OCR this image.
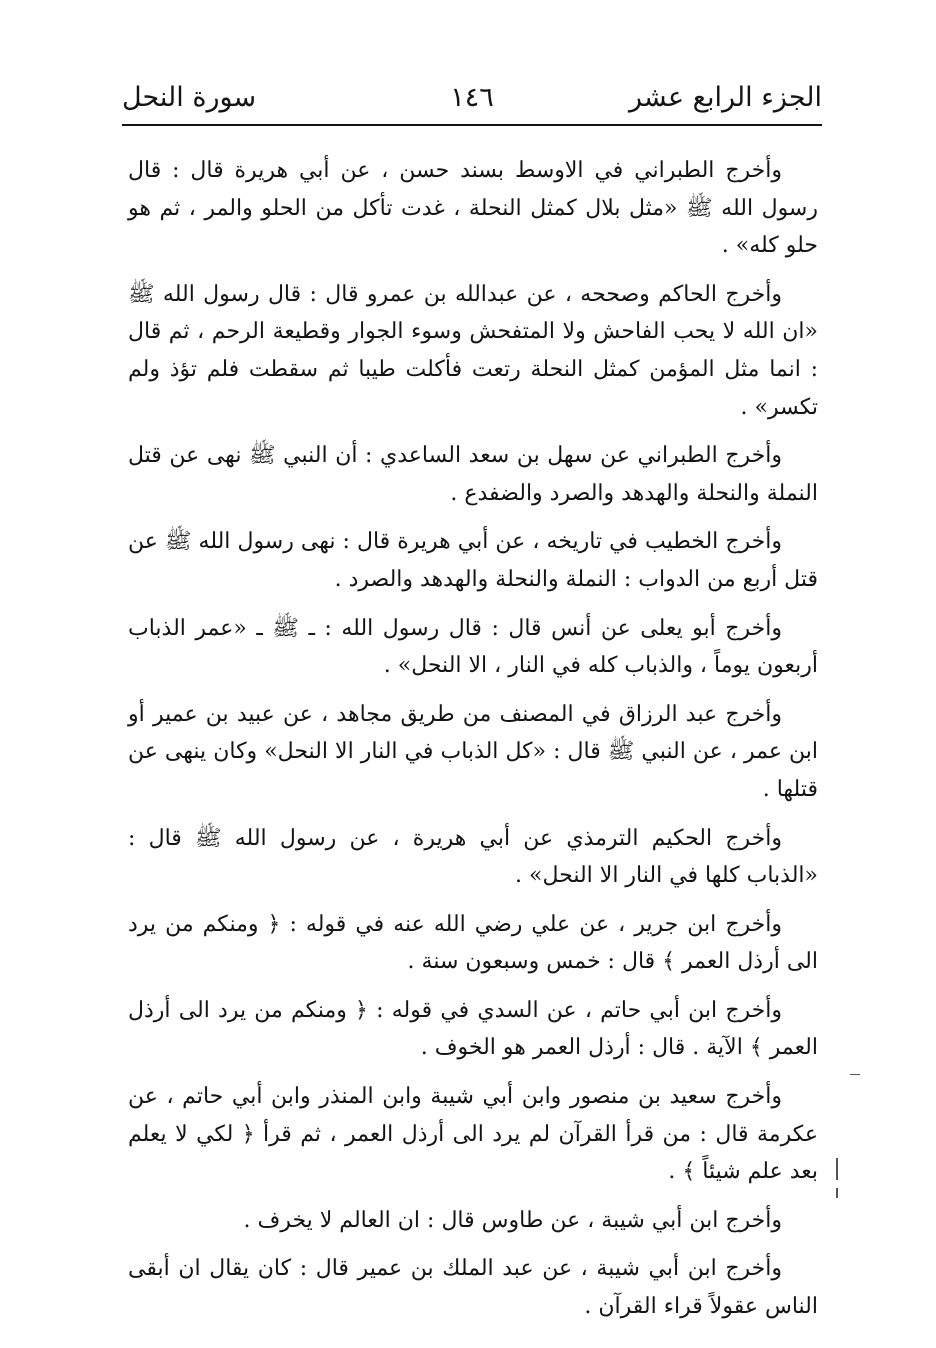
الجزء الرابع عشر
١٤٦
سورة النحل

وأخرج الطبراني في الاوسط بسند حسن ، عن أبي هريرة قال : قال رسول الله ﷺ «مثل بلال كمثل النحلة ، غدت تأكل من الحلو والمر ، ثم هو حلو كله» .

وأخرج الحاكم وصححه ، عن عبدالله بن عمرو قال : قال رسول الله ﷺ «ان الله لا يحب الفاحش ولا المتفحش وسوء الجوار وقطيعة الرحم ، ثم قال : انما مثل المؤمن كمثل النحلة رتعت فأكلت طيبا ثم سقطت فلم تؤذ ولم تكسر» .

وأخرج الطبراني عن سهل بن سعد الساعدي : أن النبي ﷺ نهى عن قتل النملة والنحلة والهدهد والصرد والضفدع .

وأخرج الخطيب في تاريخه ، عن أبي هريرة قال : نهى رسول الله ﷺ عن قتل أربع من الدواب : النملة والنحلة والهدهد والصرد .

وأخرج أبو يعلى عن أنس قال : قال رسول الله : ـ ﷺ ـ «عمر الذباب أربعون يوماً ، والذباب كله في النار ، الا النحل» .

وأخرج عبد الرزاق في المصنف من طريق مجاهد ، عن عبيد بن عمير أو ابن عمر ، عن النبي ﷺ قال : «كل الذباب في النار الا النحل» وكان ينهى عن قتلها .

وأخرج الحكيم الترمذي عن أبي هريرة ، عن رسول الله ﷺ قال : «الذباب كلها في النار الا النحل» .

وأخرج ابن جرير ، عن علي رضي الله عنه في قوله : ﴿ ومنكم من يرد الى أرذل العمر ﴾ قال : خمس وسبعون سنة .

وأخرج ابن أبي حاتم ، عن السدي في قوله : ﴿ ومنكم من يرد الى أرذل العمر ﴾ الآية . قال : أرذل العمر هو الخوف .

وأخرج سعيد بن منصور وابن أبي شيبة وابن المنذر وابن أبي حاتم ، عن عكرمة قال : من قرأ القرآن لم يرد الى أرذل العمر ، ثم قرأ ﴿ لكي لا يعلم بعد علم شيئاً ﴾ .

وأخرج ابن أبي شيبة ، عن طاوس قال : ان العالم لا يخرف .

وأخرج ابن أبي شيبة ، عن عبد الملك بن عمير قال : كان يقال ان أبقى الناس عقولاً قراء القرآن .
